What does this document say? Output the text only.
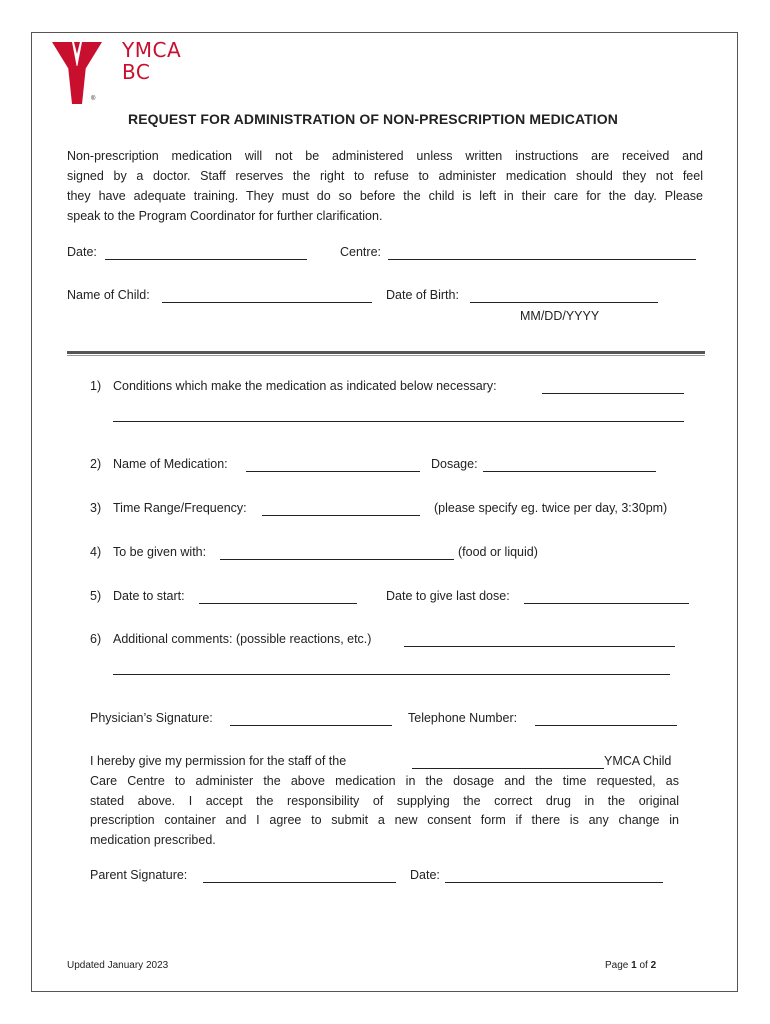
YMCA
BC
®
REQUEST FOR ADMINISTRATION OF NON-PRESCRIPTION MEDICATION
Non-prescription medication will not be administered unless written instructions are received and
signed by a doctor. Staff reserves the right to refuse to administer medication should they not feel
they have adequate training. They must do so before the child is left in their care for the day. Please
speak to the Program Coordinator for further clarification.
Date:	Centre:
Name of Child:	Date of Birth:
MM/DD/YYYY
1) Conditions which make the medication as indicated below necessary:
2) Name of Medication:	Dosage:
3) Time Range/Frequency:	(please specify eg. twice per day, 3:30pm)
4) To be given with:	(food or liquid)
5) Date to start:	Date to give last dose:
6) Additional comments: (possible reactions, etc.)
Physician’s Signature:	Telephone Number:
I hereby give my permission for the staff of the	YMCA Child
Care Centre to administer the above medication in the dosage and the time requested, as
stated above. I accept the responsibility of supplying the correct drug in the original
prescription container and I agree to submit a new consent form if there is any change in
medication prescribed.
Parent Signature:	Date:
Updated January 2023	Page 1 of 2
